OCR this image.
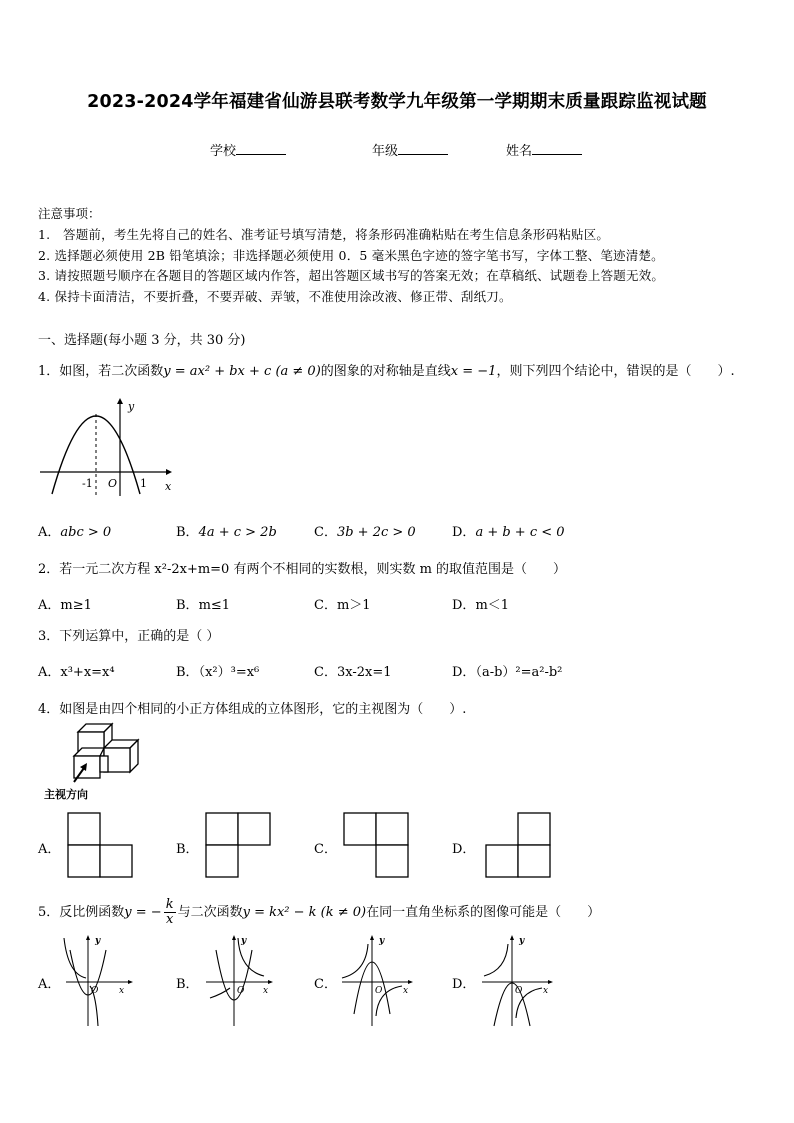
2023-2024学年福建省仙游县联考数学九年级第一学期期末质量跟踪监视试题
学校	年级	姓名
注意事项：
1.　答题前，考生先将自己的姓名、准考证号填写清楚，将条形码准确粘贴在考生信息条形码粘贴区。
2. 选择题必须使用 2B 铅笔填涂；非选择题必须使用 0．5 毫米黑色字迹的签字笔书写，字体工整、笔迹清楚。
3. 请按照题号顺序在各题目的答题区域内作答，超出答题区域书写的答案无效；在草稿纸、试题卷上答题无效。
4. 保持卡面清洁，不要折叠，不要弄破、弄皱，不准使用涂改液、修正带、刮纸刀。
一、选择题(每小题 3 分，共 30 分)
1．如图，若二次函数y = ax² + bx + c (a ≠ 0)的图象的对称轴是直线x = −1，则下列四个结论中，错误的是（　　）.
y
x
-1 O 1
A．abc > 0	B．4a + c > 2b	C．3b + 2c > 0	D．a + b + c < 0
2．若一元二次方程 x²-2x+m=0 有两个不相同的实数根，则实数 m 的取值范围是（　　）
A．m≥1	B．m≤1	C．m＞1	D．m＜1
3．下列运算中，正确的是（ ）
A．x³+x=x⁴	B．（x²）³=x⁶	C．3x-2x=1	D．（a-b）²=a²-b²
4．如图是由四个相同的小正方体组成的立体图形，它的主视图为（　　）.
主视方向
A．	B．	C．	D．
5．反比例函数y = − $\frac{k}{x}$ 与二次函数y = kx² − k (k ≠ 0)在同一直角坐标系的图像可能是（　　）
A．
y
x
O	B．
y
x
O	C．
y
x
O	D．
y
x
O
